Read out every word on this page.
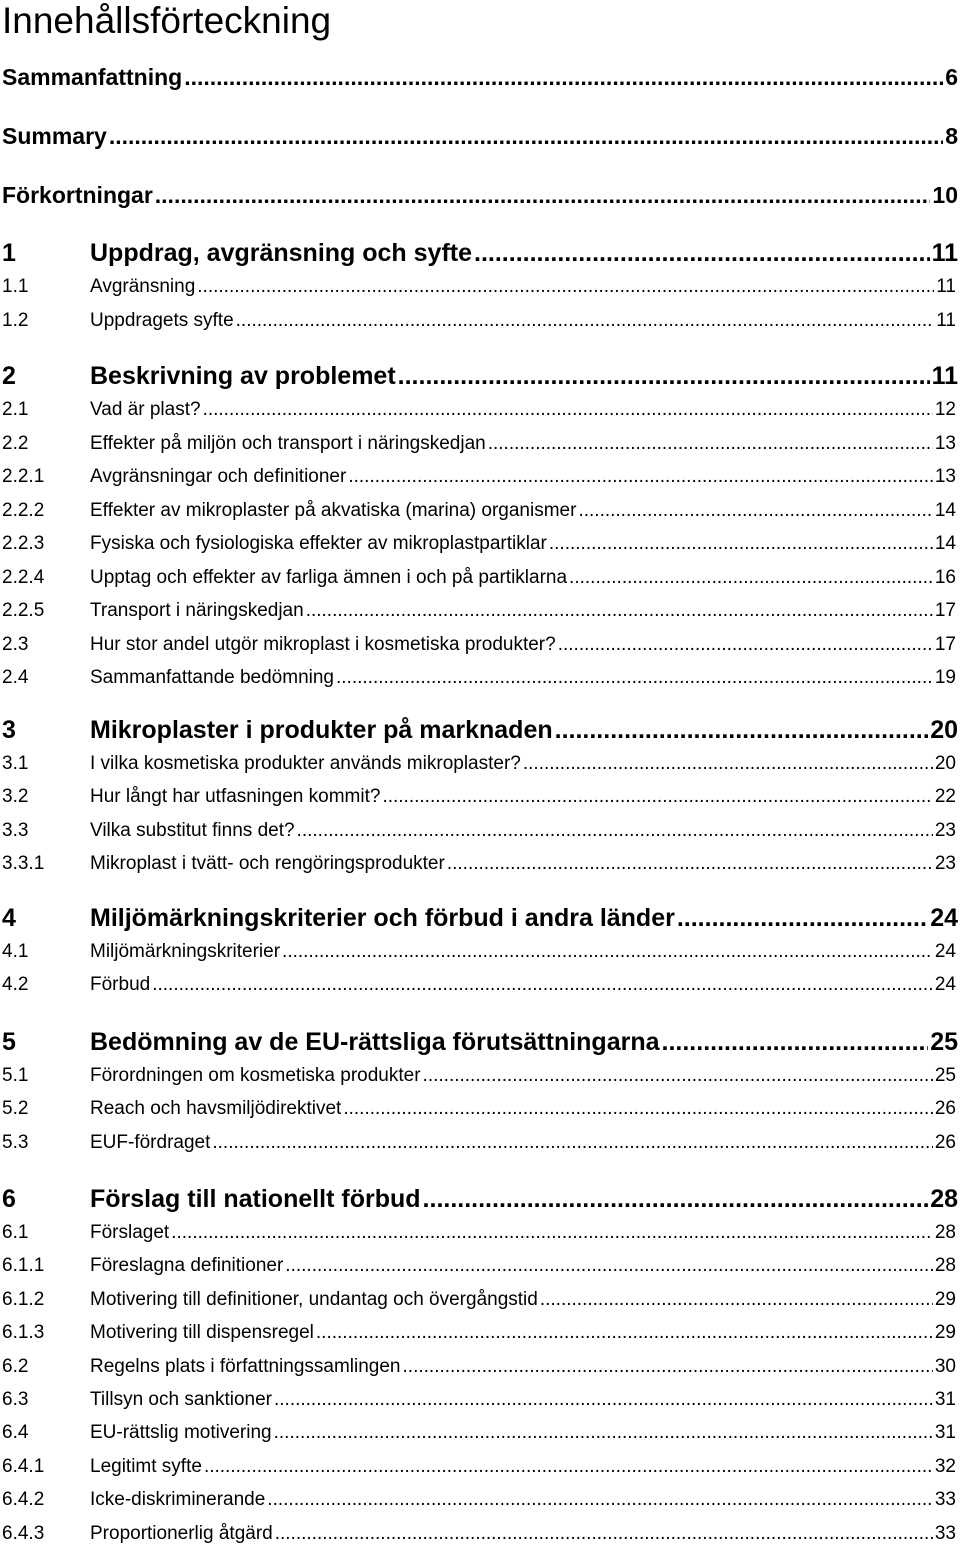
Innehållsförteckning
Sammanfattning .....	6
Summary .....	8
Förkortningar .....	10
1	Uppdrag, avgränsning och syfte .....	11
1.1	Avgränsning .....	11
1.2	Uppdragets syfte .....	11
2	Beskrivning av problemet .....	11
2.1	Vad är plast? .....	12
2.2	Effekter på miljön och transport i näringskedjan .....	13
2.2.1	Avgränsningar och definitioner .....	13
2.2.2	Effekter av mikroplaster på akvatiska (marina) organismer .....	14
2.2.3	Fysiska och fysiologiska effekter av mikroplastpartiklar .....	14
2.2.4	Upptag och effekter av farliga ämnen i och på partiklarna .....	16
2.2.5	Transport i näringskedjan .....	17
2.3	Hur stor andel utgör mikroplast i kosmetiska produkter? .....	17
2.4	Sammanfattande bedömning .....	19
3	Mikroplaster i produkter på marknaden .....	20
3.1	I vilka kosmetiska produkter används mikroplaster? .....	20
3.2	Hur långt har utfasningen kommit? .....	22
3.3	Vilka substitut finns det? .....	23
3.3.1	Mikroplast i tvätt- och rengöringsprodukter .....	23
4	Miljömärkningskriterier och förbud i andra länder .....	24
4.1	Miljömärkningskriterier .....	24
4.2	Förbud .....	24
5	Bedömning av de EU-rättsliga förutsättningarna .....	25
5.1	Förordningen om kosmetiska produkter .....	25
5.2	Reach och havsmiljödirektivet .....	26
5.3	EUF-fördraget .....	26
6	Förslag till nationellt förbud .....	28
6.1	Förslaget .....	28
6.1.1	Föreslagna definitioner .....	28
6.1.2	Motivering till definitioner, undantag och övergångstid .....	29
6.1.3	Motivering till dispensregel .....	29
6.2	Regelns plats i författningssamlingen .....	30
6.3	Tillsyn och sanktioner .....	31
6.4	EU-rättslig motivering .....	31
6.4.1	Legitimt syfte .....	32
6.4.2	Icke-diskriminerande .....	33
6.4.3	Proportionerlig åtgärd .....	33
